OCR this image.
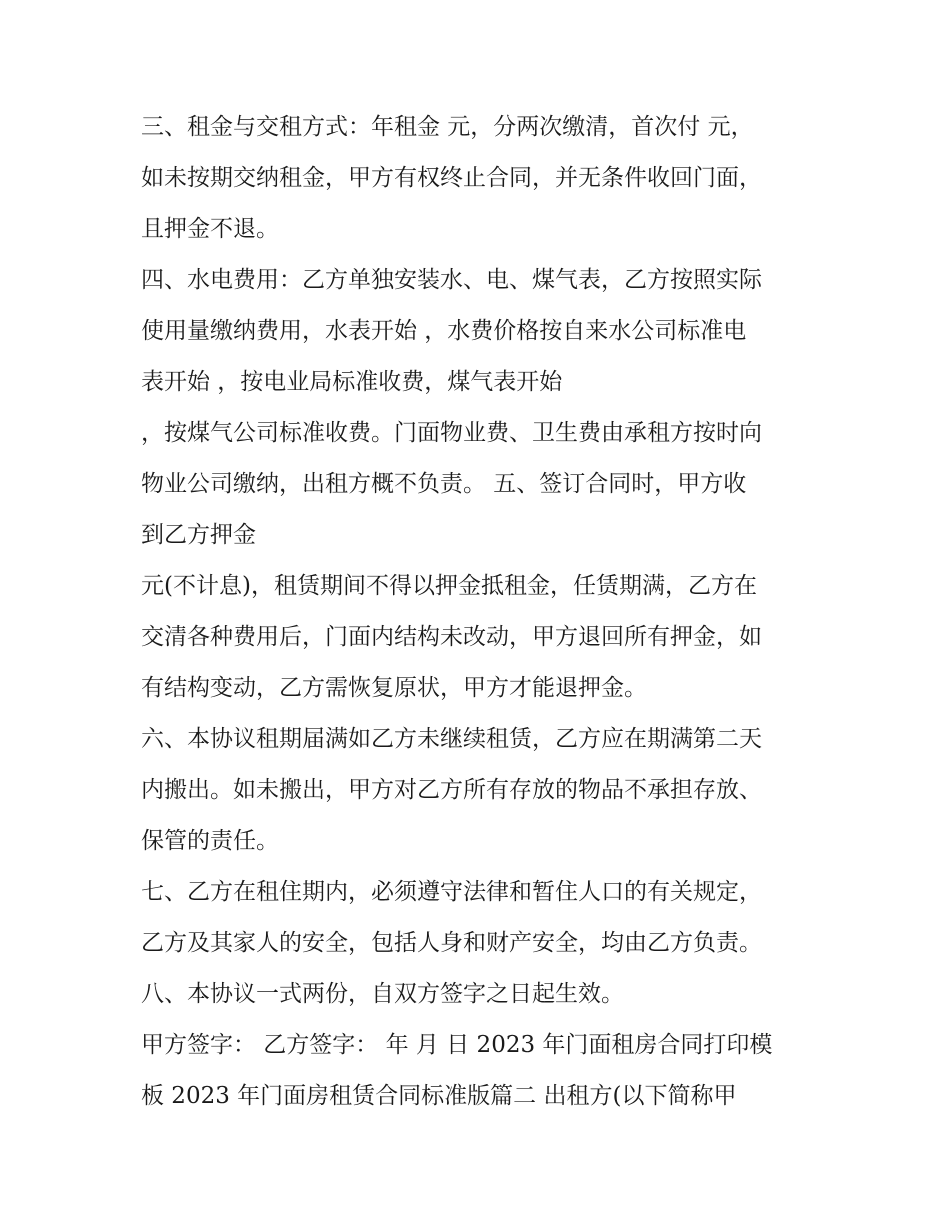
三、租金与交租方式：年租金 元，分两次缴清，首次付 元，
如未按期交纳租金，甲方有权终止合同，并无条件收回门面，
且押金不退。
四、水电费用：乙方单独安装水、电、煤气表，乙方按照实际
使用量缴纳费用，水表开始 ，水费价格按自来水公司标准电
表开始 ，按电业局标准收费，煤气表开始
，按煤气公司标准收费。门面物业费、卫生费由承租方按时向
物业公司缴纳，出租方概不负责。 五、签订合同时，甲方收
到乙方押金
元(不计息)，租赁期间不得以押金抵租金，任赁期满，乙方在
交清各种费用后，门面内结构未改动，甲方退回所有押金，如
有结构变动，乙方需恢复原状，甲方才能退押金。
六、本协议租期届满如乙方未继续租赁，乙方应在期满第二天
内搬出。如未搬出，甲方对乙方所有存放的物品不承担存放、
保管的责任。
七、乙方在租住期内，必须遵守法律和暂住人口的有关规定，
乙方及其家人的安全，包括人身和财产安全，均由乙方负责。
八、本协议一式两份，自双方签字之日起生效。
甲方签字： 乙方签字： 年 月 日 2023 年门面租房合同打印模
板 2023 年门面房租赁合同标准版篇二 出租方(以下简称甲
